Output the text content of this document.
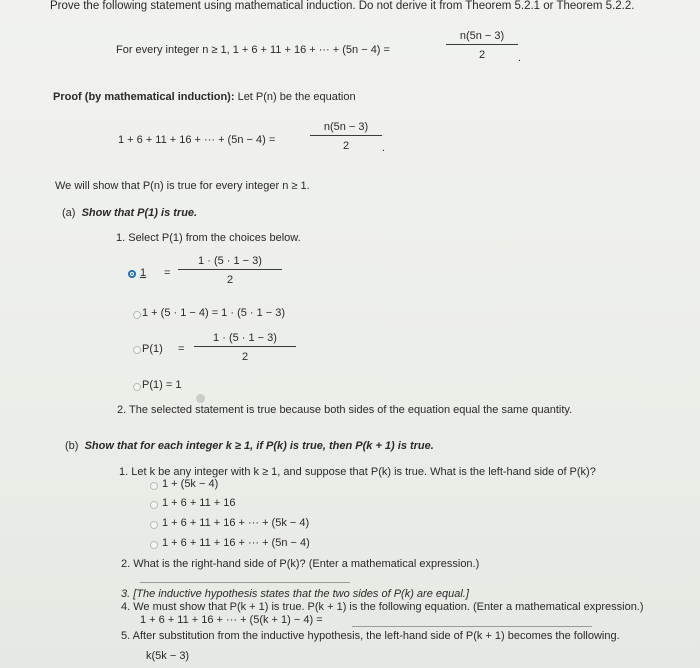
Prove the following statement using mathematical induction. Do not derive it from Theorem 5.2.1 or Theorem 5.2.2.
For every integer n ≥ 1, 1 + 6 + 11 + 16 + ··· + (5n − 4) =
n(5n − 3)
2	.
Proof (by mathematical induction): Let P(n) be the equation
1 + 6 + 11 + 16 + ··· + (5n − 4) =
n(5n − 3)
2	.
We will show that P(n) is true for every integer n ≥ 1.
(a) Show that P(1) is true.
1. Select P(1) from the choices below.
1 =
1 · (5 · 1 − 3)
2
1 + (5 · 1 − 4) = 1 · (5 · 1 − 3)
P(1) =
1 · (5 · 1 − 3)
2
P(1) = 1
2. The selected statement is true because both sides of the equation equal the same quantity.
(b) Show that for each integer k ≥ 1, if P(k) is true, then P(k + 1) is true.
1. Let k be any integer with k ≥ 1, and suppose that P(k) is true. What is the left-hand side of P(k)?
1 + (5k − 4)
1 + 6 + 11 + 16
1 + 6 + 11 + 16 + ··· + (5k − 4)
1 + 6 + 11 + 16 + ··· + (5n − 4)
2. What is the right-hand side of P(k)? (Enter a mathematical expression.)
3. [The inductive hypothesis states that the two sides of P(k) are equal.]
4. We must show that P(k + 1) is true. P(k + 1) is the following equation. (Enter a mathematical expression.)
1 + 6 + 11 + 16 + ··· + (5(k + 1) − 4) =
5. After substitution from the inductive hypothesis, the left-hand side of P(k + 1) becomes the following.
k(5k − 3)
